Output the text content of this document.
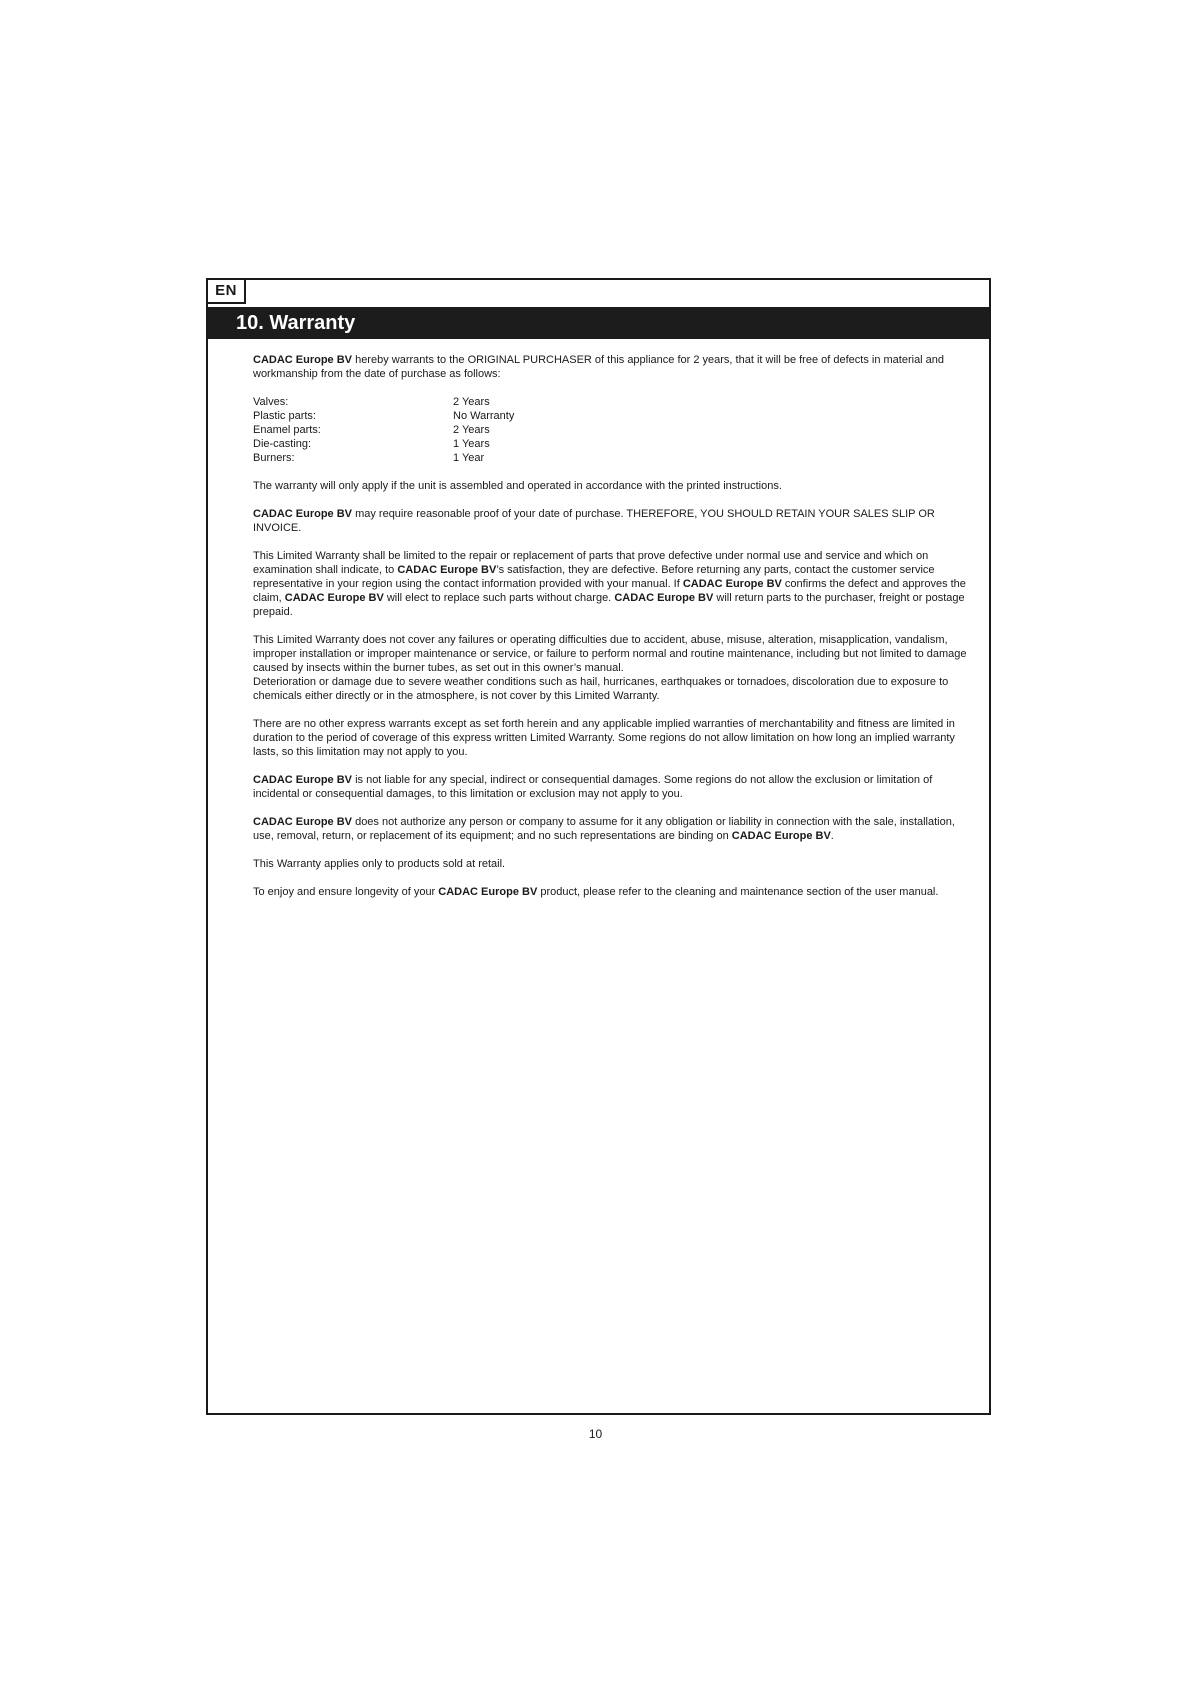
EN
10. Warranty

CADAC Europe BV hereby warrants to the ORIGINAL PURCHASER of this appliance for 2 years, that it will be free of defects in material and workmanship from the date of purchase as follows:

Valves:	2 Years
Plastic parts:	No Warranty
Enamel parts:	2 Years
Die-casting:	1 Years
Burners:	1 Year

The warranty will only apply if the unit is assembled and operated in accordance with the printed instructions.

CADAC Europe BV may require reasonable proof of your date of purchase. THEREFORE, YOU SHOULD RETAIN YOUR SALES SLIP OR INVOICE.

This Limited Warranty shall be limited to the repair or replacement of parts that prove defective under normal use and service and which on examination shall indicate, to CADAC Europe BV’s satisfaction, they are defective. Before returning any parts, contact the customer service representative in your region using the contact information provided with your manual. If CADAC Europe BV confirms the defect and approves the claim, CADAC Europe BV will elect to replace such parts without charge. CADAC Europe BV will return parts to the purchaser, freight or postage prepaid.

This Limited Warranty does not cover any failures or operating difficulties due to accident, abuse, misuse, alteration, misapplication, vandalism, improper installation or improper maintenance or service, or failure to perform normal and routine maintenance, including but not limited to damage caused by insects within the burner tubes, as set out in this owner’s manual.
Deterioration or damage due to severe weather conditions such as hail, hurricanes, earthquakes or tornadoes, discoloration due to exposure to chemicals either directly or in the atmosphere, is not cover by this Limited Warranty.

There are no other express warrants except as set forth herein and any applicable implied warranties of merchantability and fitness are limited in duration to the period of coverage of this express written Limited Warranty. Some regions do not allow limitation on how long an implied warranty lasts, so this limitation may not apply to you.

CADAC Europe BV is not liable for any special, indirect or consequential damages. Some regions do not allow the exclusion or limitation of incidental or consequential damages, to this limitation or exclusion may not apply to you.

CADAC Europe BV does not authorize any person or company to assume for it any obligation or liability in connection with the sale, installation, use, removal, return, or replacement of its equipment; and no such representations are binding on CADAC Europe BV.

This Warranty applies only to products sold at retail.

To enjoy and ensure longevity of your CADAC Europe BV product, please refer to the cleaning and maintenance section of the user manual.

10
